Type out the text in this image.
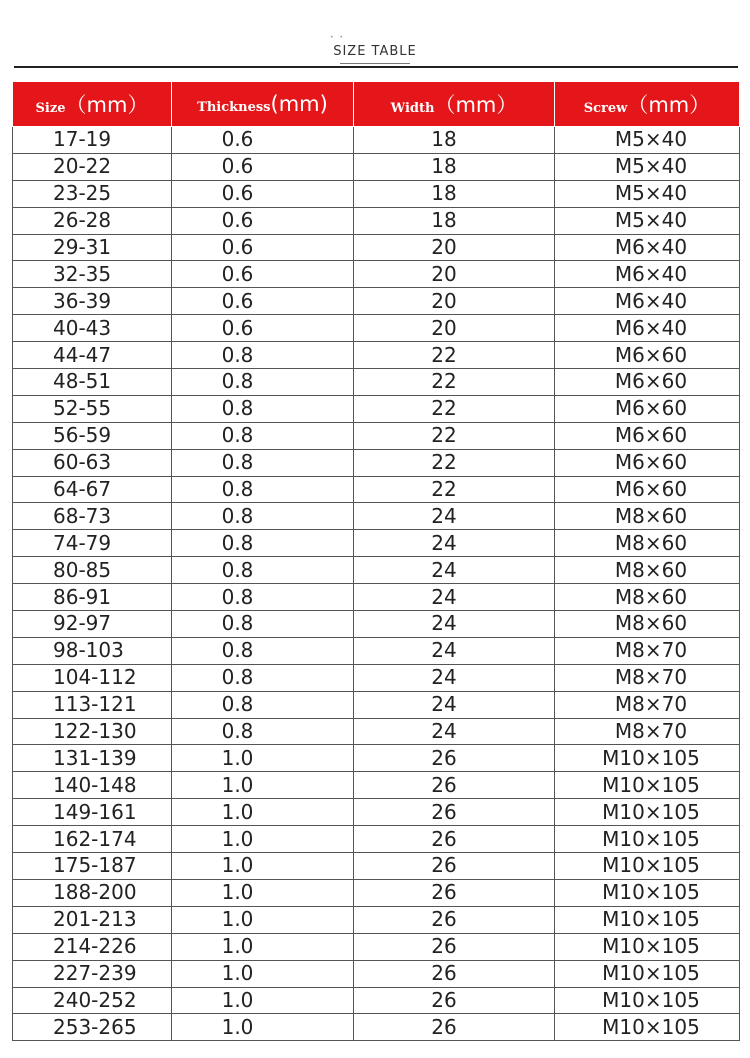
• •
SIZE TABLE
Size（mm）	Thickness(mm)	Width（mm）	Screw（mm）
17-19	0.6	18	M5×40
20-22	0.6	18	M5×40
23-25	0.6	18	M5×40
26-28	0.6	18	M5×40
29-31	0.6	20	M6×40
32-35	0.6	20	M6×40
36-39	0.6	20	M6×40
40-43	0.6	20	M6×40
44-47	0.8	22	M6×60
48-51	0.8	22	M6×60
52-55	0.8	22	M6×60
56-59	0.8	22	M6×60
60-63	0.8	22	M6×60
64-67	0.8	22	M6×60
68-73	0.8	24	M8×60
74-79	0.8	24	M8×60
80-85	0.8	24	M8×60
86-91	0.8	24	M8×60
92-97	0.8	24	M8×60
98-103	0.8	24	M8×70
104-112	0.8	24	M8×70
113-121	0.8	24	M8×70
122-130	0.8	24	M8×70
131-139	1.0	26	M10×105
140-148	1.0	26	M10×105
149-161	1.0	26	M10×105
162-174	1.0	26	M10×105
175-187	1.0	26	M10×105
188-200	1.0	26	M10×105
201-213	1.0	26	M10×105
214-226	1.0	26	M10×105
227-239	1.0	26	M10×105
240-252	1.0	26	M10×105
253-265	1.0	26	M10×105
